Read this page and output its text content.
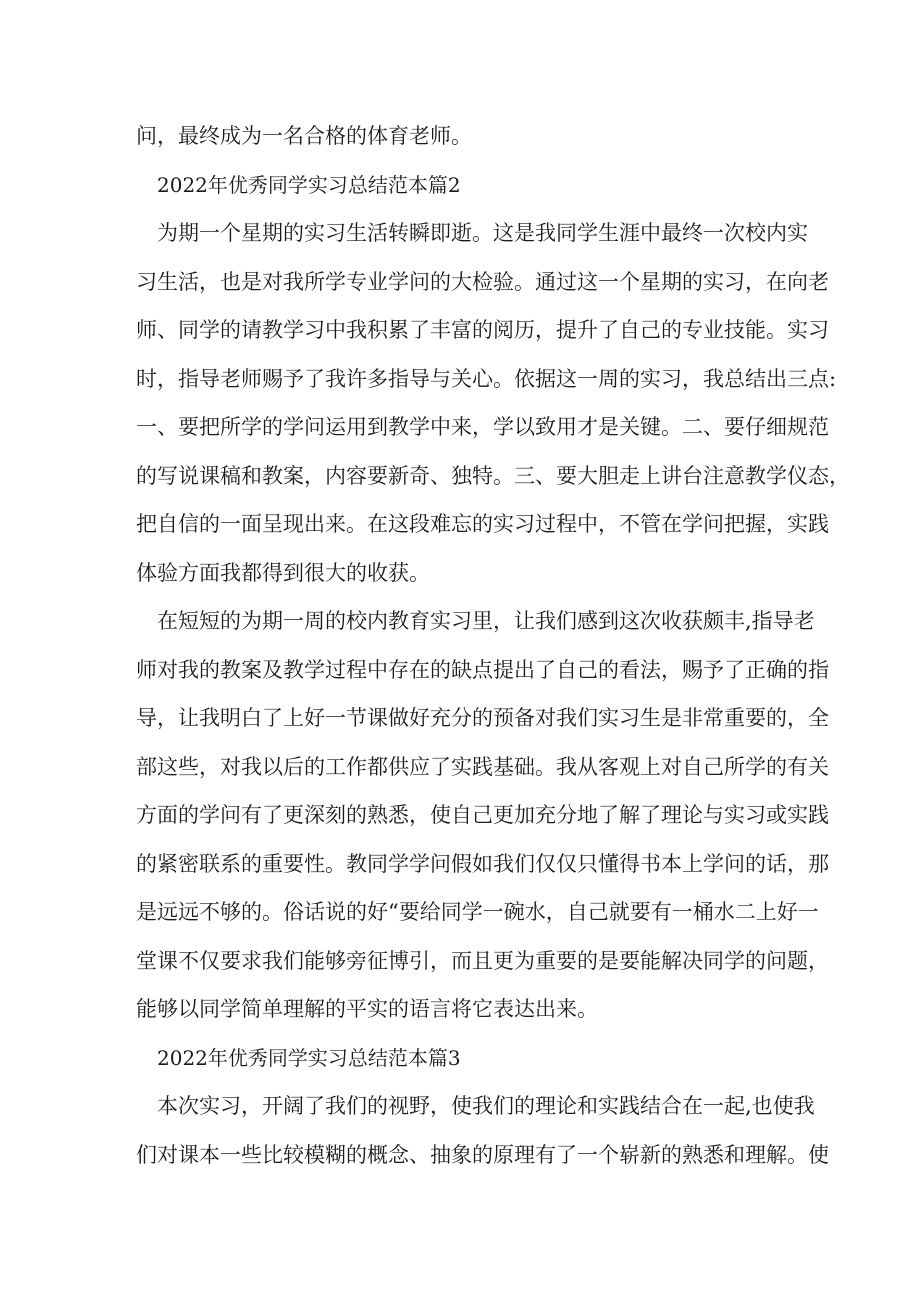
问，最终成为一名合格的体育老师。
2022年优秀同学实习总结范本篇2
为期一个星期的实习生活转瞬即逝。这是我同学生涯中最终一次校内实
习生活，也是对我所学专业学问的大检验。通过这一个星期的实习，在向老
师、同学的请教学习中我积累了丰富的阅历，提升了自己的专业技能。实习
时，指导老师赐予了我许多指导与关心。依据这一周的实习，我总结出三点:
一、要把所学的学问运用到教学中来，学以致用才是关键。二、要仔细规范
的写说课稿和教案，内容要新奇、独特。三、要大胆走上讲台注意教学仪态，
把自信的一面呈现出来。在这段难忘的实习过程中，不管在学问把握，实践
体验方面我都得到很大的收获。
在短短的为期一周的校内教育实习里，让我们感到这次收获颇丰,指导老
师对我的教案及教学过程中存在的缺点提出了自己的看法，赐予了正确的指
导，让我明白了上好一节课做好充分的预备对我们实习生是非常重要的，全
部这些，对我以后的工作都供应了实践基础。我从客观上对自己所学的有关
方面的学问有了更深刻的熟悉，使自己更加充分地了解了理论与实习或实践
的紧密联系的重要性。教同学学问假如我们仅仅只懂得书本上学问的话，那
是远远不够的。俗话说的好“要给同学一碗水，自己就要有一桶水二上好一
堂课不仅要求我们能够旁征博引，而且更为重要的是要能解决同学的问题，
能够以同学简单理解的平实的语言将它表达出来。
2022年优秀同学实习总结范本篇3
本次实习，开阔了我们的视野，使我们的理论和实践结合在一起,也使我
们对课本一些比较模糊的概念、抽象的原理有了一个崭新的熟悉和理解。使
